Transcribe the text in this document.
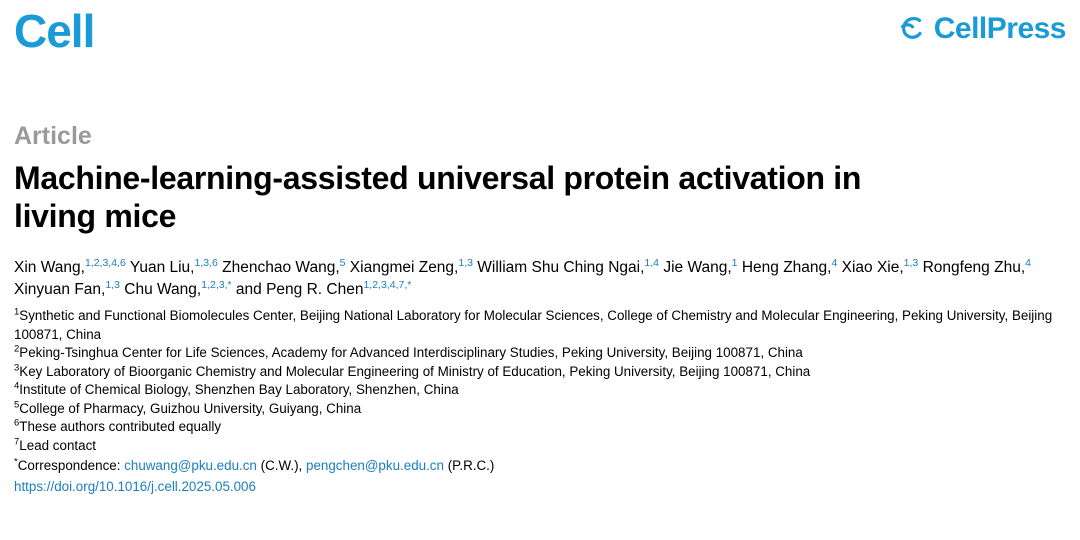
Cell	CellPress
Article
Machine-learning-assisted universal protein activation in living mice
Xin Wang,$^{1,2,3,4,6}$ Yuan Liu,$^{1,3,6}$ Zhenchao Wang,$^5$ Xiangmei Zeng,$^{1,3}$ William Shu Ching Ngai,$^{1,4}$ Jie Wang,$^1$ Heng Zhang,$^4$ Xiao Xie,$^{1,3}$ Rongfeng Zhu,$^4$ Xinyuan Fan,$^{1,3}$ Chu Wang,$^{1,2,3,*}$ and Peng R. Chen$^{1,2,3,4,7,*}$
$^1$Synthetic and Functional Biomolecules Center, Beijing National Laboratory for Molecular Sciences, College of Chemistry and Molecular Engineering, Peking University, Beijing 100871, China
$^2$Peking-Tsinghua Center for Life Sciences, Academy for Advanced Interdisciplinary Studies, Peking University, Beijing 100871, China
$^3$Key Laboratory of Bioorganic Chemistry and Molecular Engineering of Ministry of Education, Peking University, Beijing 100871, China
$^4$Institute of Chemical Biology, Shenzhen Bay Laboratory, Shenzhen, China
$^5$College of Pharmacy, Guizhou University, Guiyang, China
$^6$These authors contributed equally
$^7$Lead contact
*Correspondence: chuwang@pku.edu.cn (C.W.), pengchen@pku.edu.cn (P.R.C.)
https://doi.org/10.1016/j.cell.2025.05.006
